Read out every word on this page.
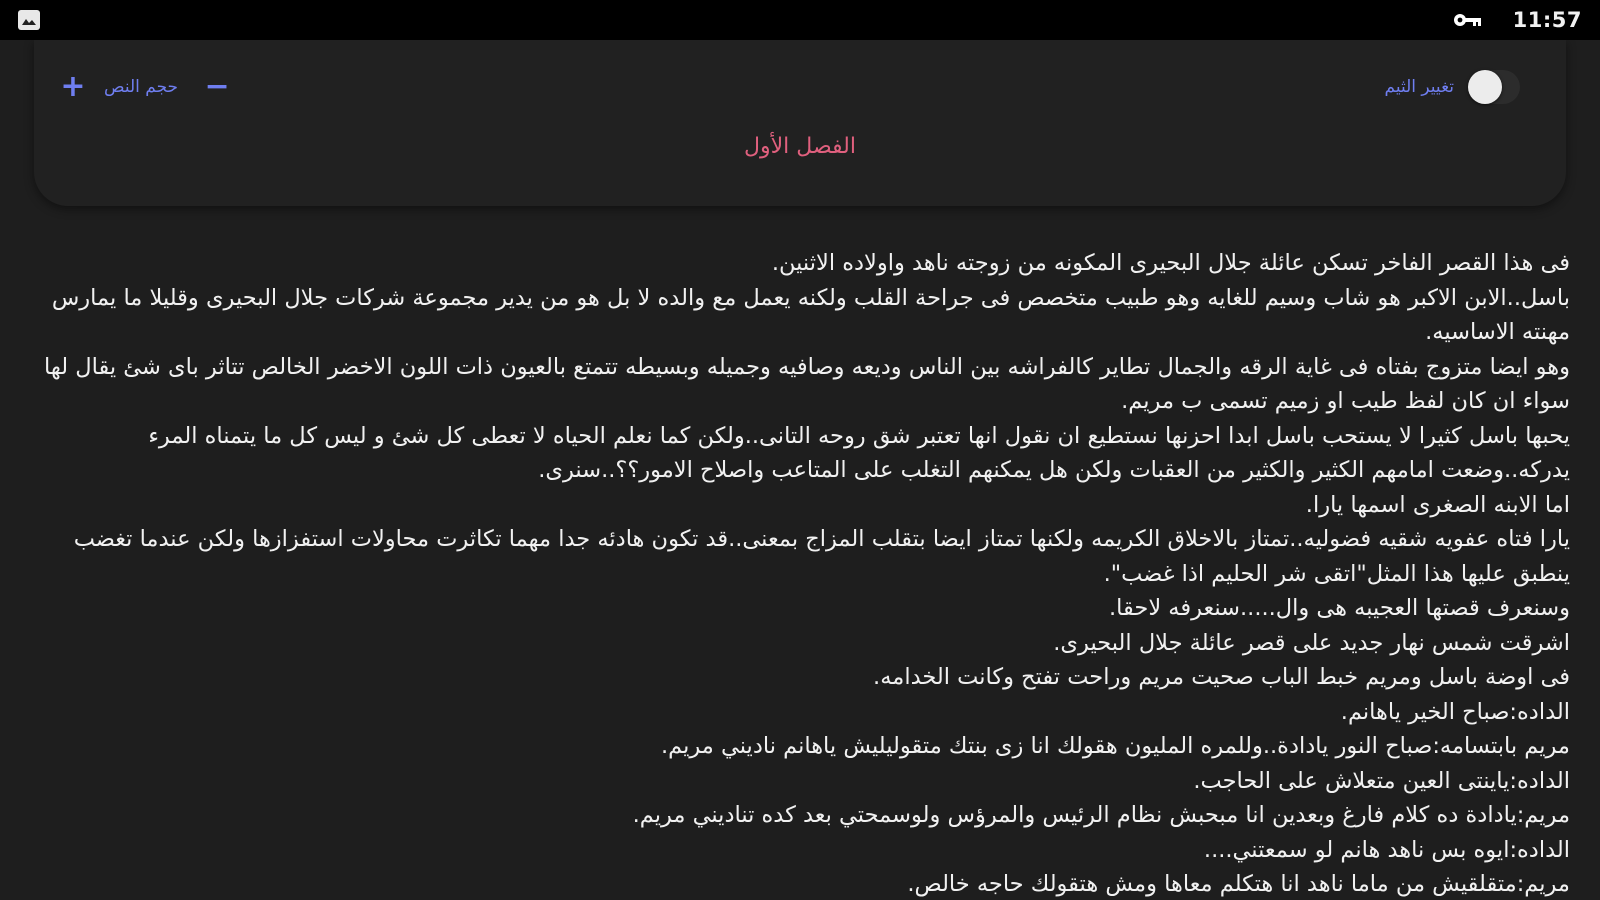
11:57
+ حجم النص −	تغيير الثيم
الفصل الأول

فى هذا القصر الفاخر تسكن عائلة جلال البحيرى المكونه من زوجته ناهد واولاده الاثنين.

باسل..الابن الاكبر هو شاب وسيم للغايه وهو طبيب متخصص فى جراحة القلب ولكنه يعمل مع والده لا بل هو من يدير مجموعة شركات جلال البحيرى وقليلا ما يمارس مهنته الاساسيه.

وهو ايضا متزوج بفتاه فى غاية الرقه والجمال تطاير كالفراشه بين الناس وديعه وصافيه وجميله وبسيطه تتمتع بالعيون ذات اللون الاخضر الخالص تتاثر باى شئ يقال لها سواء ان كان لفظ طيب او زميم تسمى ب مريم.

يحبها باسل كثيرا لا يستحب باسل ابدا احزنها نستطيع ان نقول انها تعتبر شق روحه التانى..ولكن كما نعلم الحياه لا تعطى كل شئ و ليس كل ما يتمناه المرء يدركه..وضعت امامهم الكثير والكثير من العقبات ولكن هل يمكنهم التغلب على المتاعب واصلاح الامور؟؟..سنرى.

اما الابنه الصغرى اسمها يارا.

يارا فتاه عفويه شقيه فضوليه..تمتاز بالاخلاق الكريمه ولكنها تمتاز ايضا بتقلب المزاج بمعنى..قد تكون هادئه جدا مهما تكاثرت محاولات استفزازها ولكن عندما تغضب ينطبق عليها هذا المثل"اتقى شر الحليم اذا غضب".

وسنعرف قصتها العجيبه هى وال.....سنعرفه لاحقا.

اشرقت شمس نهار جديد على قصر عائلة جلال البحيرى.

فى اوضة باسل ومريم خبط الباب صحيت مريم وراحت تفتح وكانت الخدامه.

الداده:صباح الخير ياهانم.

مريم بابتسامه:صباح النور يادادة..وللمره المليون هقولك انا زى بنتك متقوليليش ياهانم ناديني مريم.

الداده:ياينتى العين متعلاش على الحاجب.

مريم:يادادة ده كلام فارغ وبعدين انا مبحبش نظام الرئيس والمرؤس ولوسمحتي بعد كده تناديني مريم.

الداده:ايوه بس ناهد هانم لو سمعتني....

مريم:متقلقيش من ماما ناهد انا هتكلم معاها ومش هتقولك حاجه خالص.
